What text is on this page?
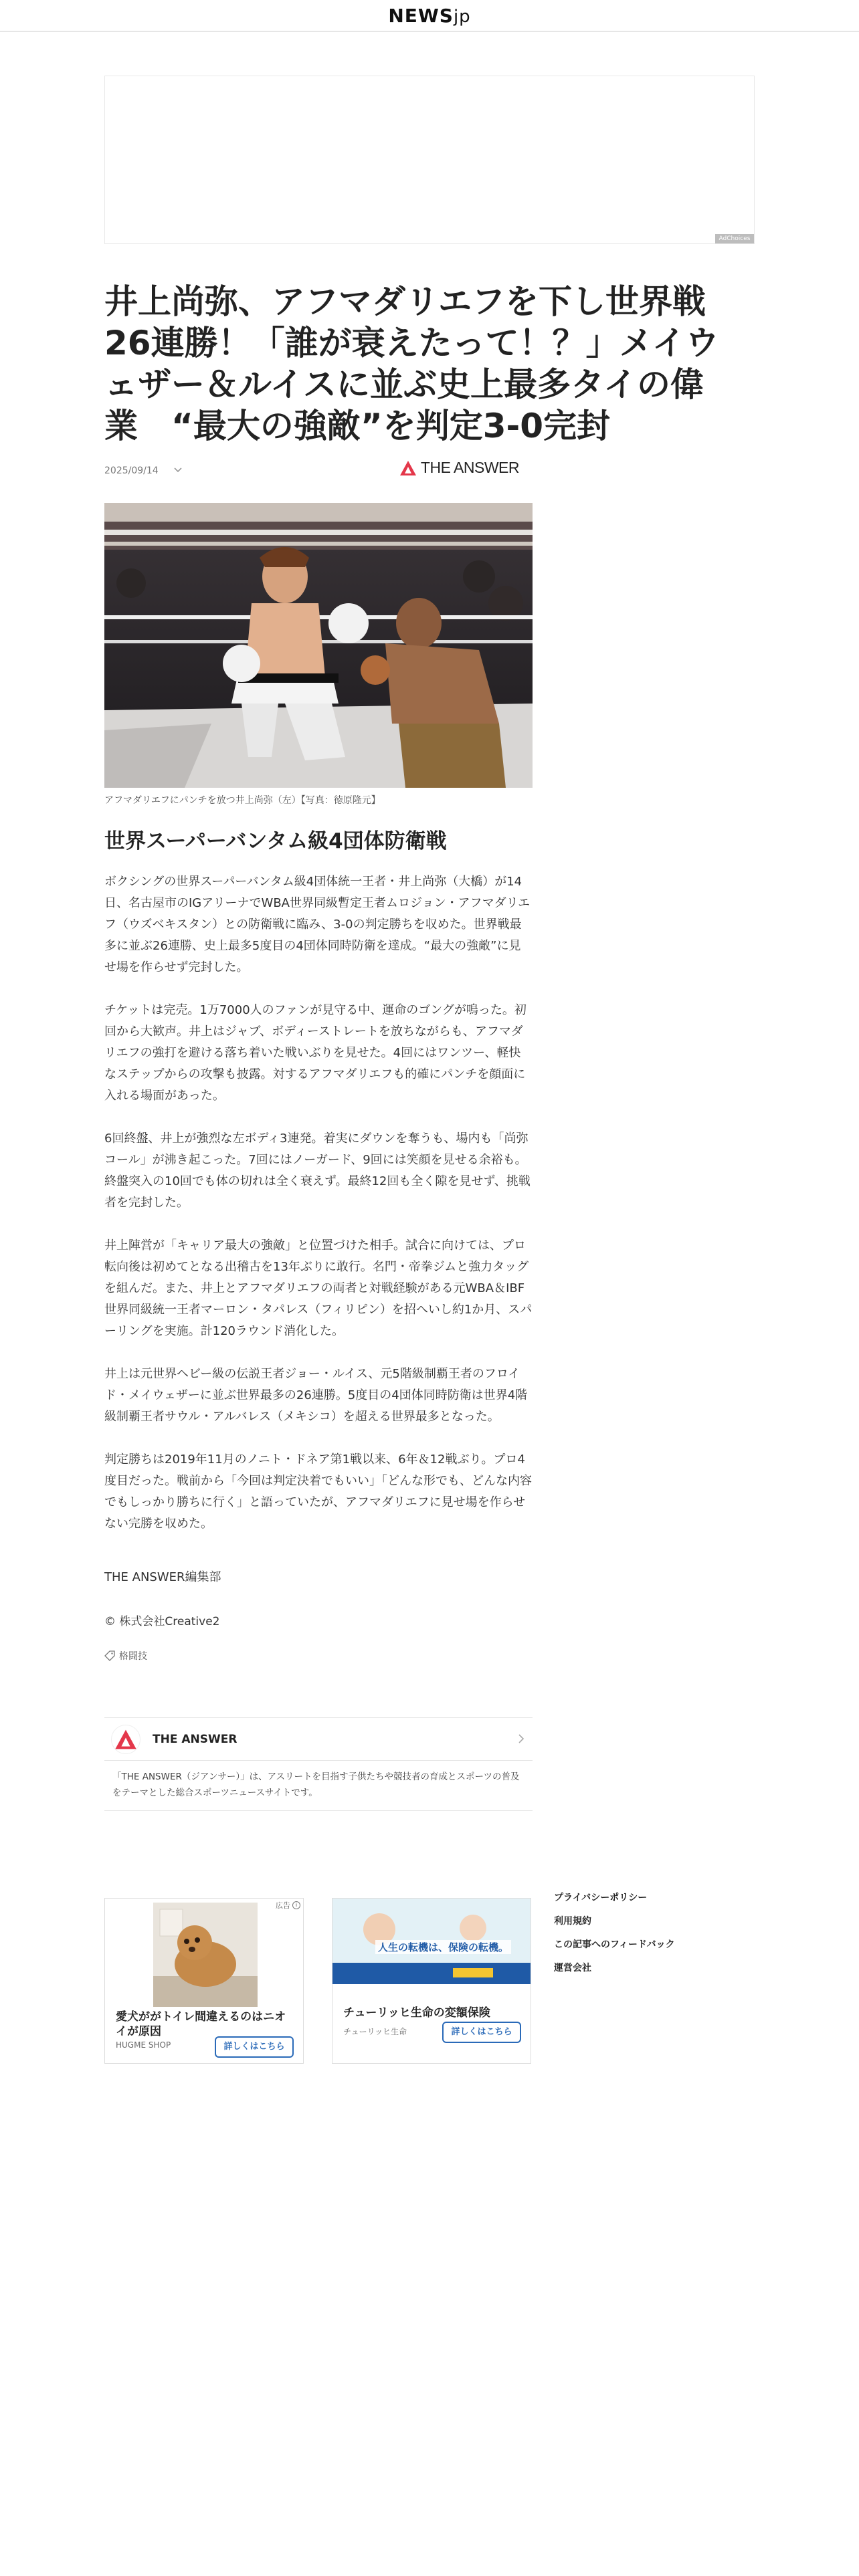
NEWSjp
AdChoices
井上尚弥、アフマダリエフを下し世界戦26連勝！「誰が衰えたって！？」メイウェザー＆ルイスに並ぶ史上最多タイの偉業　“最大の強敵”を判定3-0完封
2025/09/14	THE ANSWER
アフマダリエフにパンチを放つ井上尚弥（左）【写真：徳原隆元】
世界スーパーバンタム級4団体防衛戦

ボクシングの世界スーパーバンタム級4団体統一王者・井上尚弥（大橋）が14日、名古屋市のIGアリーナでWBA世界同級暫定王者ムロジョン・アフマダリエフ（ウズベキスタン）との防衛戦に臨み、3-0の判定勝ちを収めた。世界戦最多に並ぶ26連勝、史上最多5度目の4団体同時防衛を達成。“最大の強敵”に見せ場を作らせず完封した。

チケットは完売。1万7000人のファンが見守る中、運命のゴングが鳴った。初回から大歓声。井上はジャブ、ボディーストレートを放ちながらも、アフマダリエフの強打を避ける落ち着いた戦いぶりを見せた。4回にはワンツー、軽快なステップからの攻撃も披露。対するアフマダリエフも的確にパンチを顔面に入れる場面があった。

6回終盤、井上が強烈な左ボディ3連発。着実にダウンを奪うも、場内も「尚弥コール」が沸き起こった。7回にはノーガード、9回には笑顔を見せる余裕も。終盤突入の10回でも体の切れは全く衰えず。最終12回も全く隙を見せず、挑戦者を完封した。

井上陣営が「キャリア最大の強敵」と位置づけた相手。試合に向けては、プロ転向後は初めてとなる出稽古を13年ぶりに敢行。名門・帝拳ジムと強力タッグを組んだ。また、井上とアフマダリエフの両者と対戦経験がある元WBA＆IBF世界同級統一王者マーロン・タパレス（フィリピン）を招へいし約1か月、スパーリングを実施。計120ラウンド消化した。

井上は元世界ヘビー級の伝説王者ジョー・ルイス、元5階級制覇王者のフロイド・メイウェザーに並ぶ世界最多の26連勝。5度目の4団体同時防衛は世界4階級制覇王者サウル・アルバレス（メキシコ）を超える世界最多となった。

判定勝ちは2019年11月のノニト・ドネア第1戦以来、6年＆12戦ぶり。プロ4度目だった。戦前から「今回は判定決着でもいい」「どんな形でも、どんな内容でもしっかり勝ちに行く」と語っていたが、アフマダリエフに見せ場を作らせない完勝を収めた。

THE ANSWER編集部
© 株式会社Creative2
格闘技
THE ANSWER
「THE ANSWER（ジアンサー）」は、アスリートを目指す子供たちや競技者の育成とスポーツの普及をテーマとした総合スポーツニュースサイトです。
広告 i
愛犬ががトイレ間違えるのはニオイが原因
HUGME SHOP	詳しくはこちら
人生の転機は、保険の転機。
チューリッヒ生命の変額保険
チューリッヒ生命	詳しくはこちら
プライバシーポリシー
利用規約
この記事へのフィードバック
運営会社
